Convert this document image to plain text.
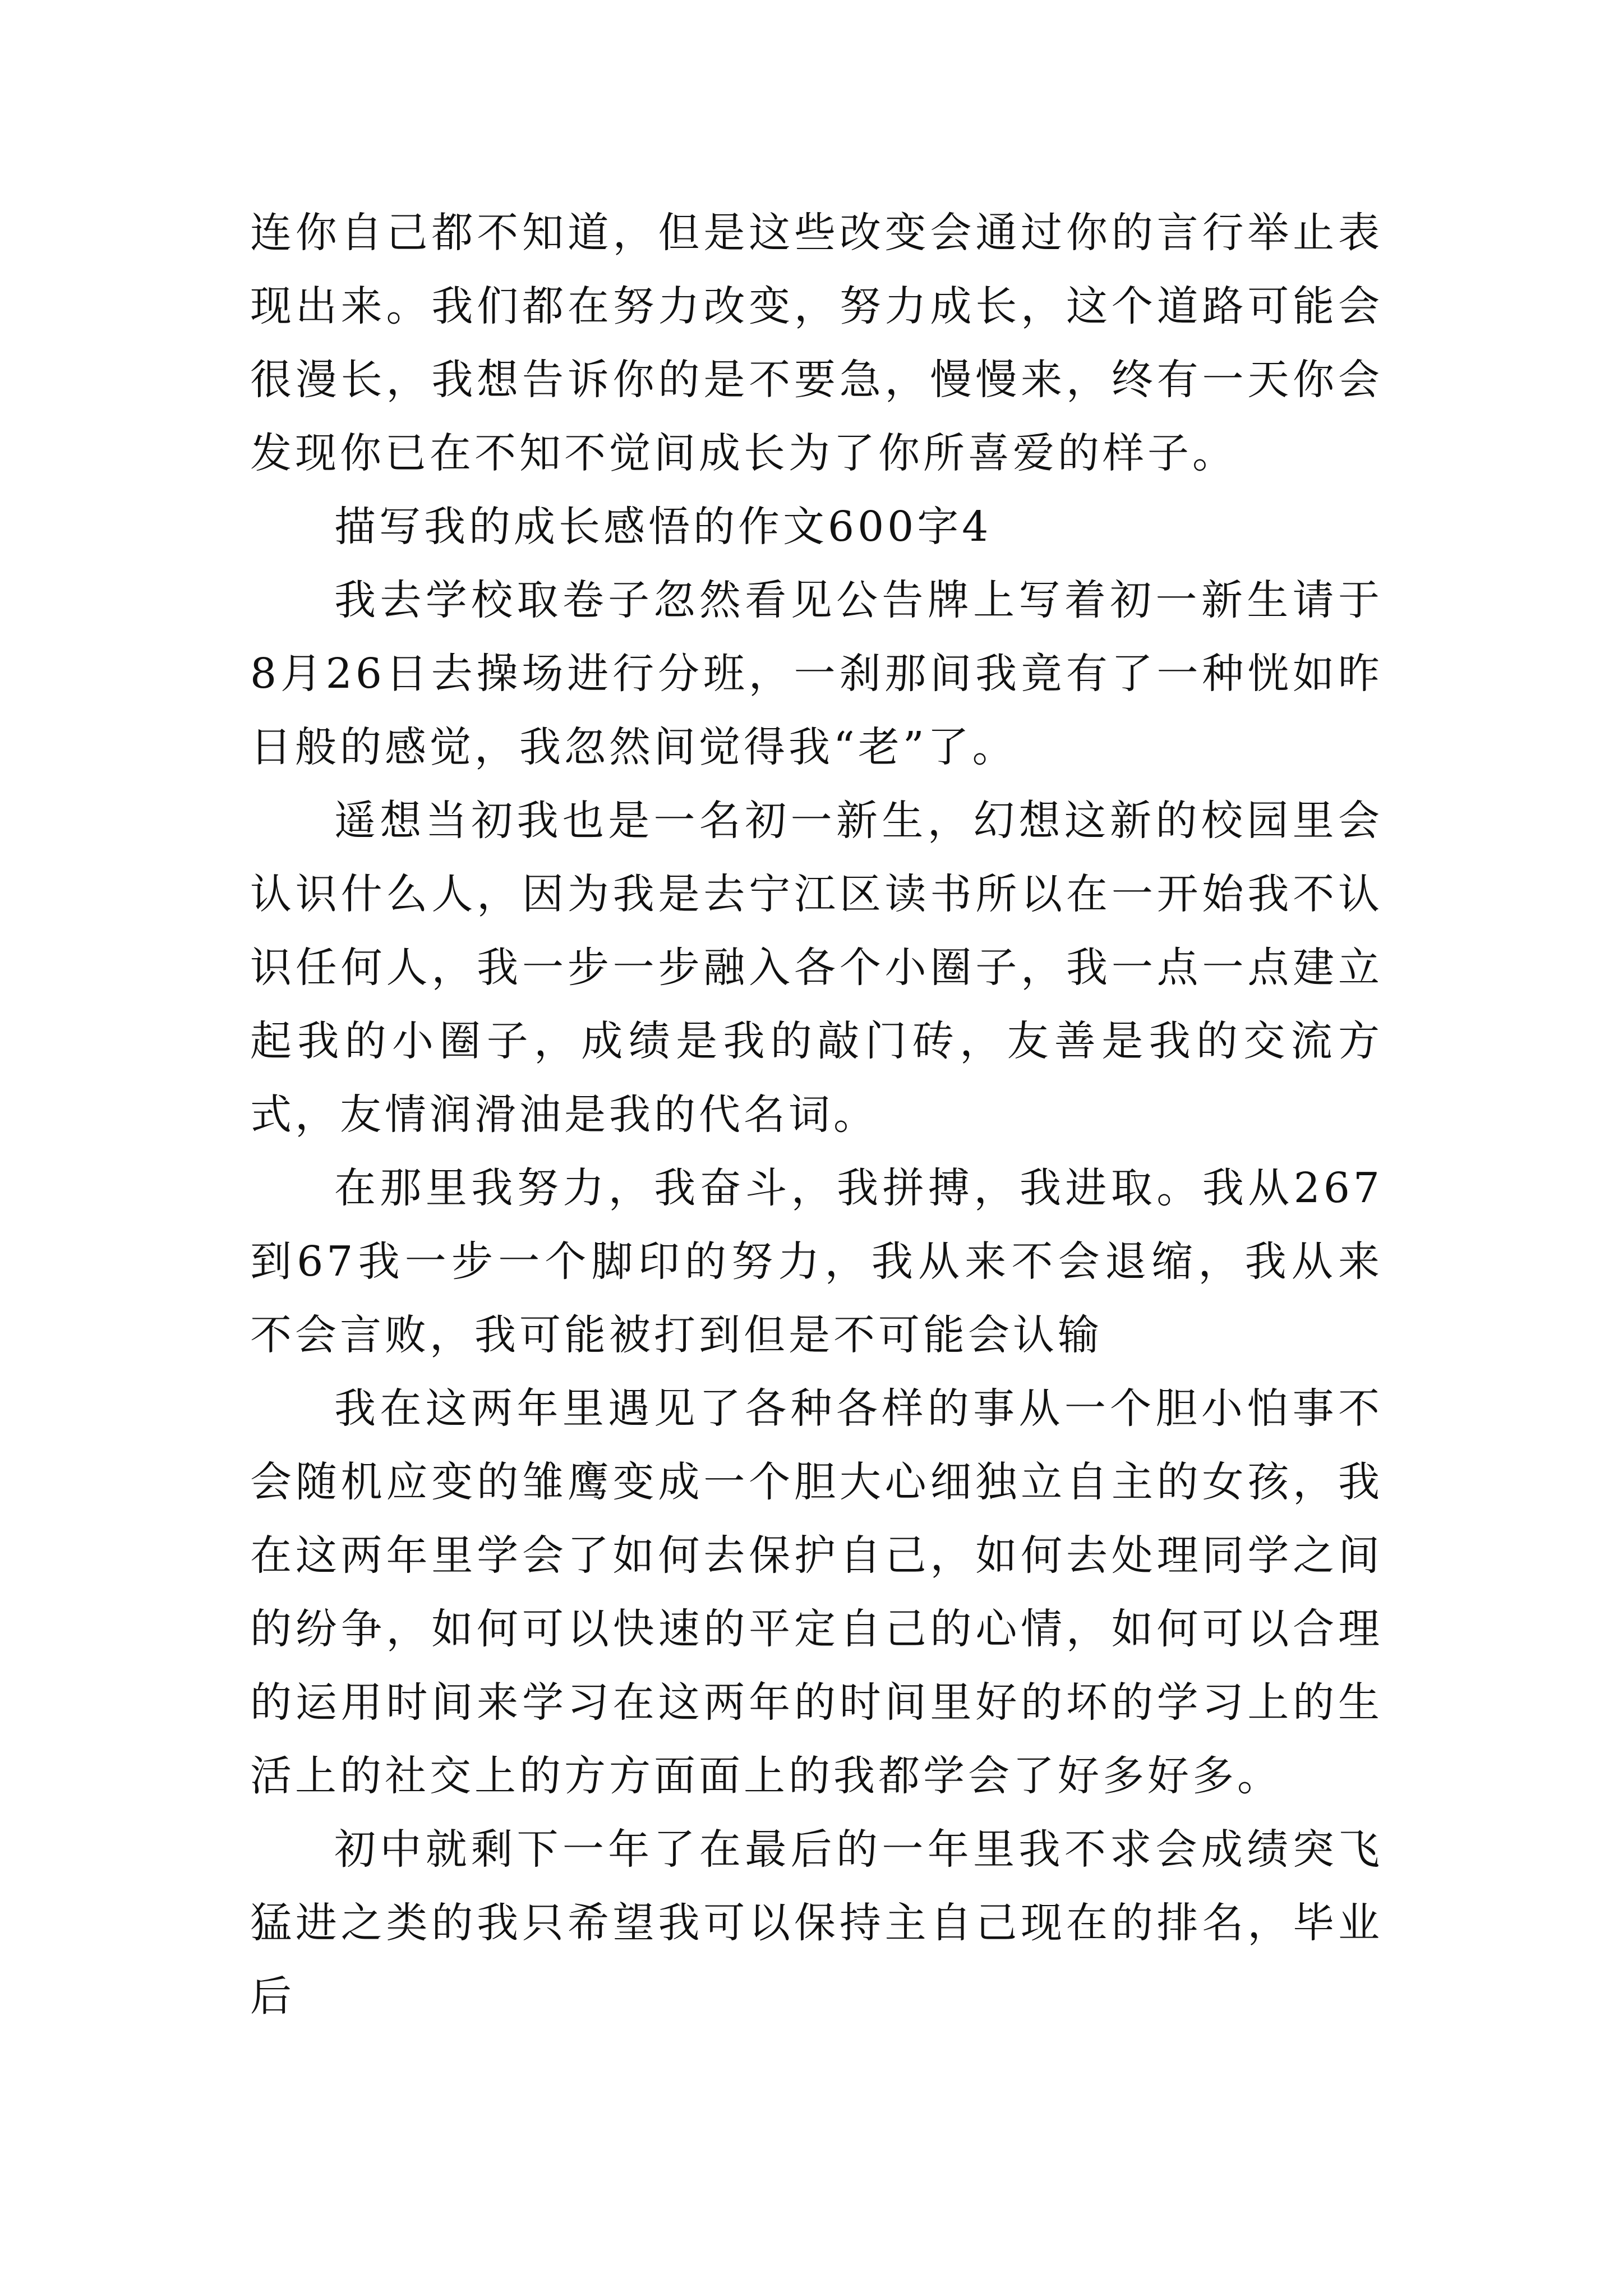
连你自己都不知道，但是这些改变会通过你的言行举止表现出来。我们都在努力改变，努力成长，这个道路可能会很漫长，我想告诉你的是不要急，慢慢来，终有一天你会发现你已在不知不觉间成长为了你所喜爱的样子。

描写我的成长感悟的作文600字4

我去学校取卷子忽然看见公告牌上写着初一新生请于8月26日去操场进行分班，一刹那间我竟有了一种恍如昨日般的感觉，我忽然间觉得我“老”了。

遥想当初我也是一名初一新生，幻想这新的校园里会认识什么人，因为我是去宁江区读书所以在一开始我不认识任何人，我一步一步融入各个小圈子，我一点一点建立起我的小圈子，成绩是我的敲门砖，友善是我的交流方式，友情润滑油是我的代名词。

在那里我努力，我奋斗，我拼搏，我进取。我从267到67我一步一个脚印的努力，我从来不会退缩，我从来不会言败，我可能被打到但是不可能会认输

我在这两年里遇见了各种各样的事从一个胆小怕事不会随机应变的雏鹰变成一个胆大心细独立自主的女孩，我在这两年里学会了如何去保护自己，如何去处理同学之间的纷争，如何可以快速的平定自己的心情，如何可以合理的运用时间来学习在这两年的时间里好的坏的学习上的生活上的社交上的方方面面上的我都学会了好多好多。

初中就剩下一年了在最后的一年里我不求会成绩突飞猛进之类的我只希望我可以保持主自己现在的排名，毕业后
